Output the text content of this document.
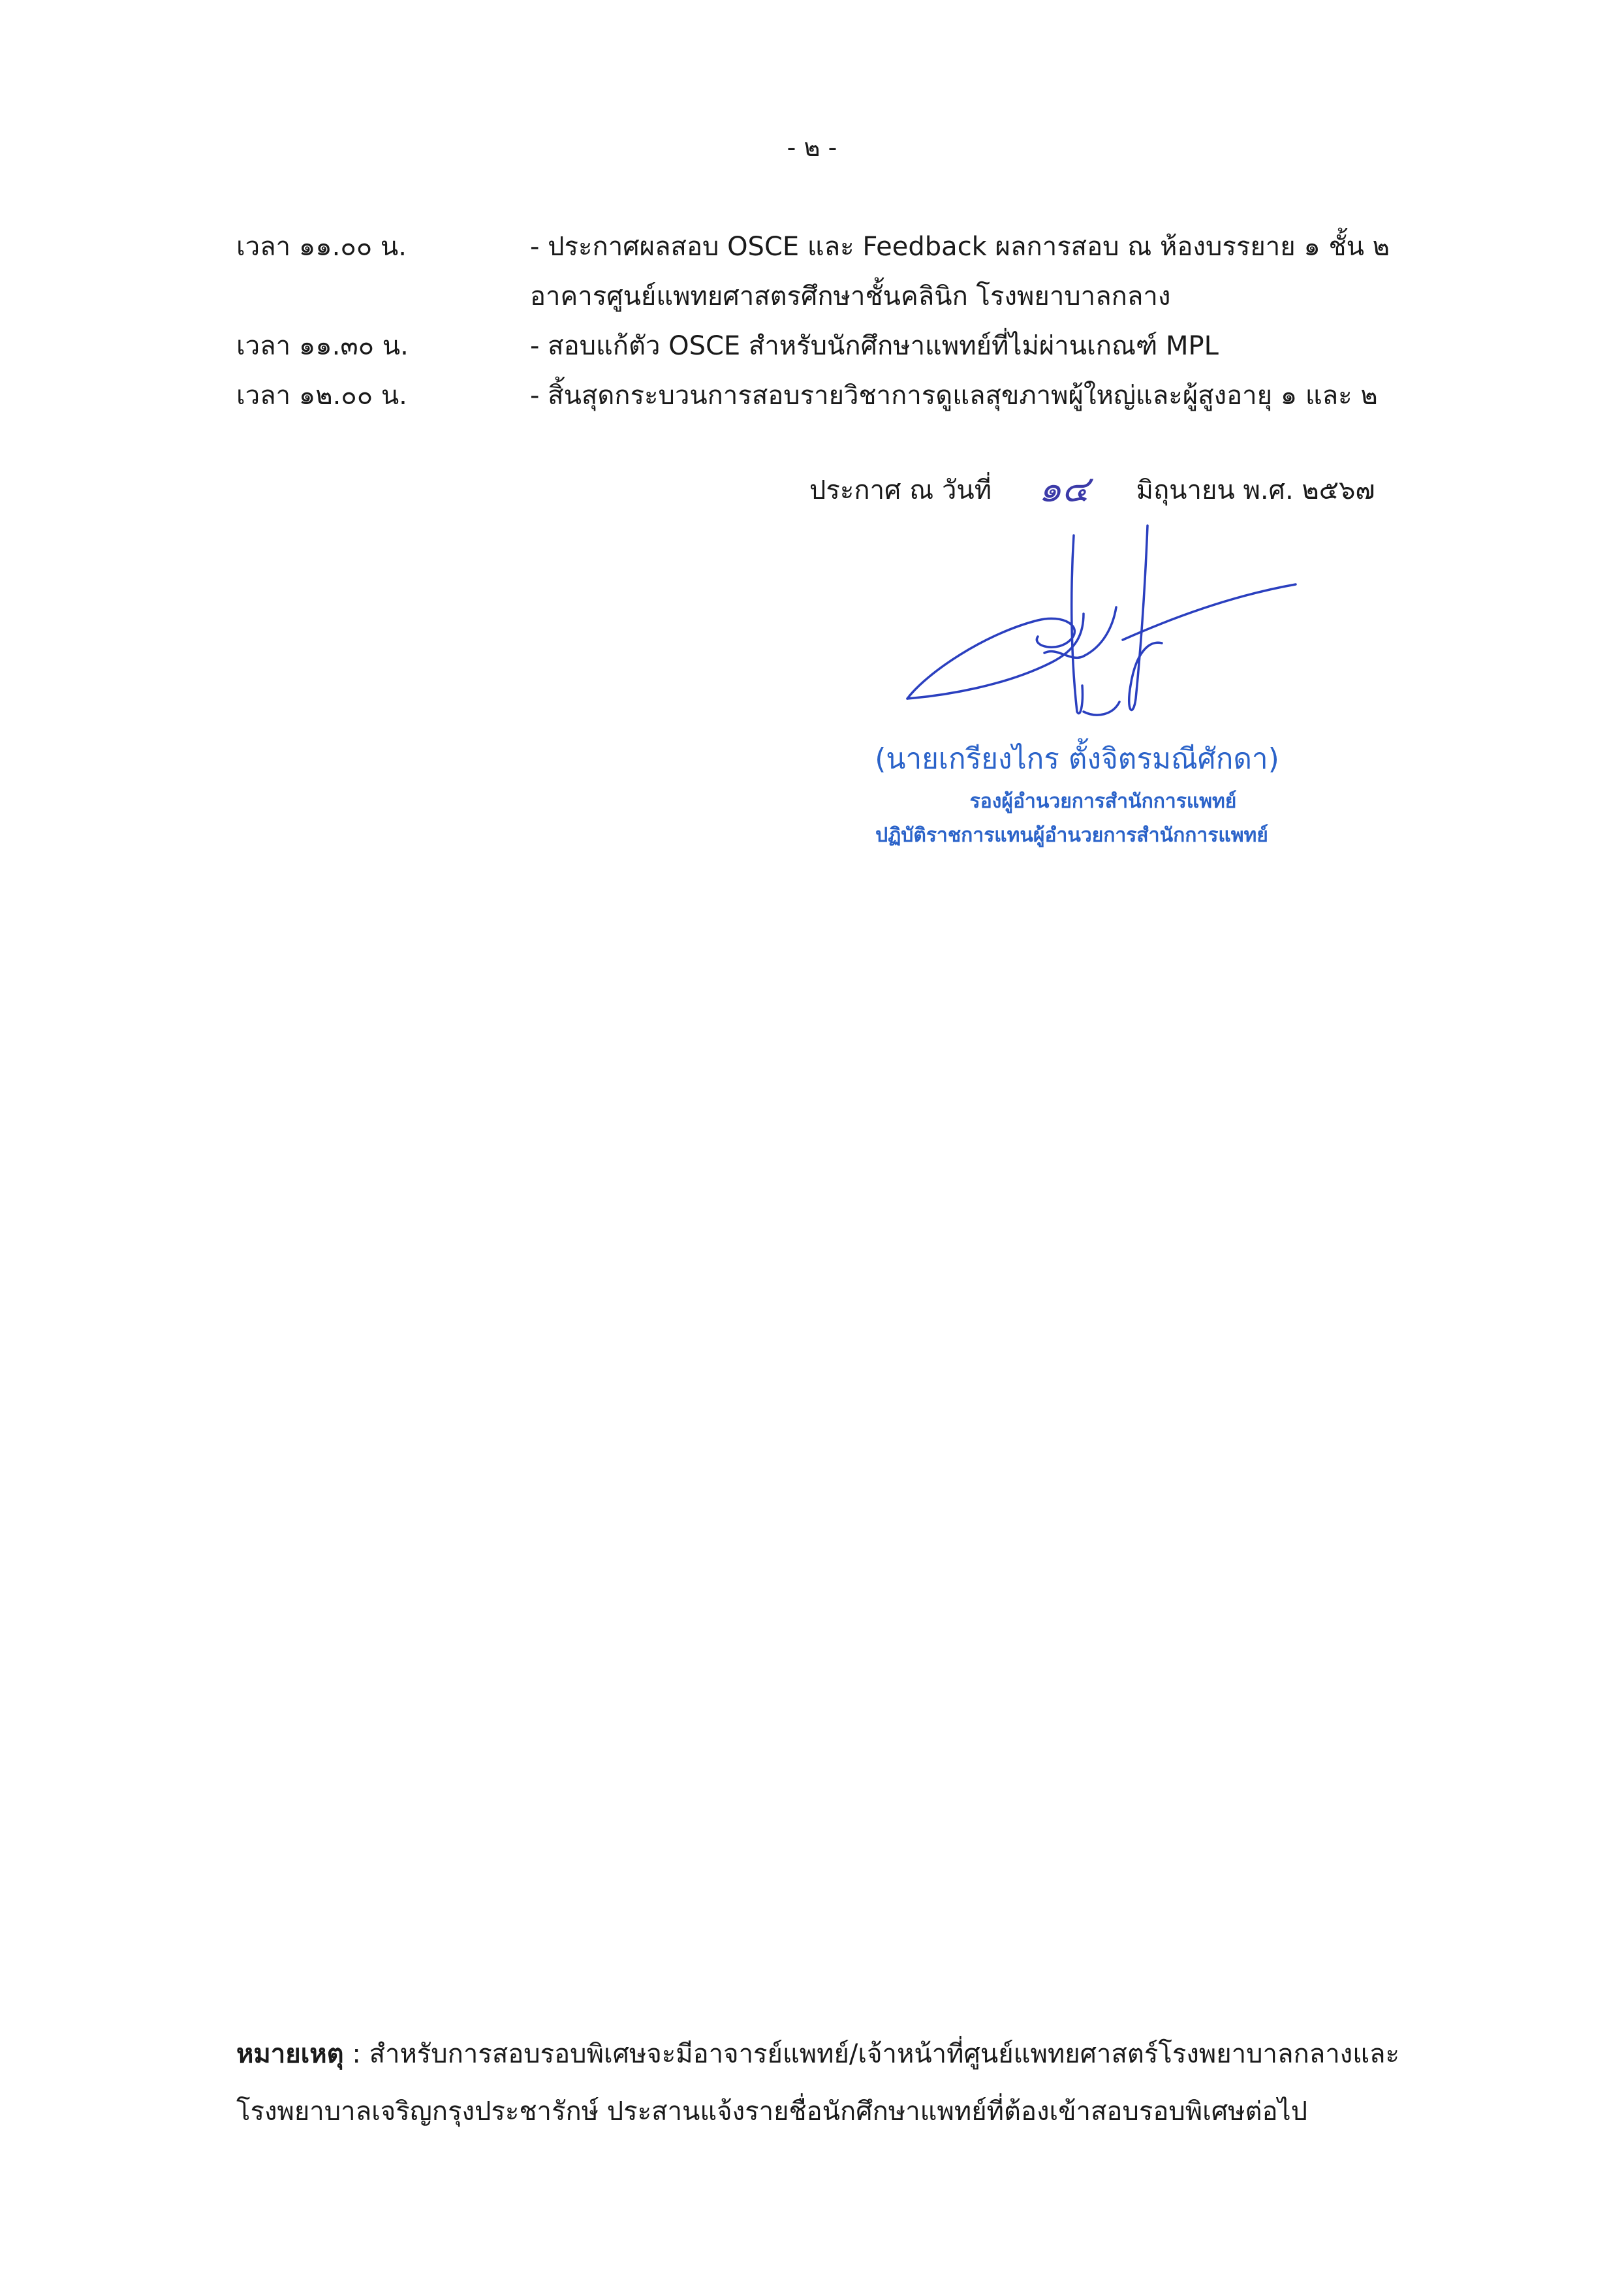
- ๒ -
เวลา ๑๑.๐๐ น.	- ประกาศผลสอบ OSCE และ Feedback ผลการสอบ ณ ห้องบรรยาย ๑ ชั้น ๒
อาคารศูนย์แพทยศาสตรศึกษาชั้นคลินิก โรงพยาบาลกลาง
เวลา ๑๑.๓๐ น.	- สอบแก้ตัว OSCE สำหรับนักศึกษาแพทย์ที่ไม่ผ่านเกณฑ์ MPL
เวลา ๑๒.๐๐ น.	- สิ้นสุดกระบวนการสอบรายวิชาการดูแลสุขภาพผู้ใหญ่และผู้สูงอายุ ๑ และ ๒
ประกาศ ณ วันที่ ๑๔ มิถุนายน พ.ศ. ๒๕๖๗
(นายเกรียงไกร ตั้งจิตรมณีศักดา)
รองผู้อำนวยการสำนักการแพทย์
ปฏิบัติราชการแทนผู้อำนวยการสำนักการแพทย์
หมายเหตุ : สำหรับการสอบรอบพิเศษจะมีอาจารย์แพทย์/เจ้าหน้าที่ศูนย์แพทยศาสตร์โรงพยาบาลกลางและ
โรงพยาบาลเจริญกรุงประชารักษ์ ประสานแจ้งรายชื่อนักศึกษาแพทย์ที่ต้องเข้าสอบรอบพิเศษต่อไป
